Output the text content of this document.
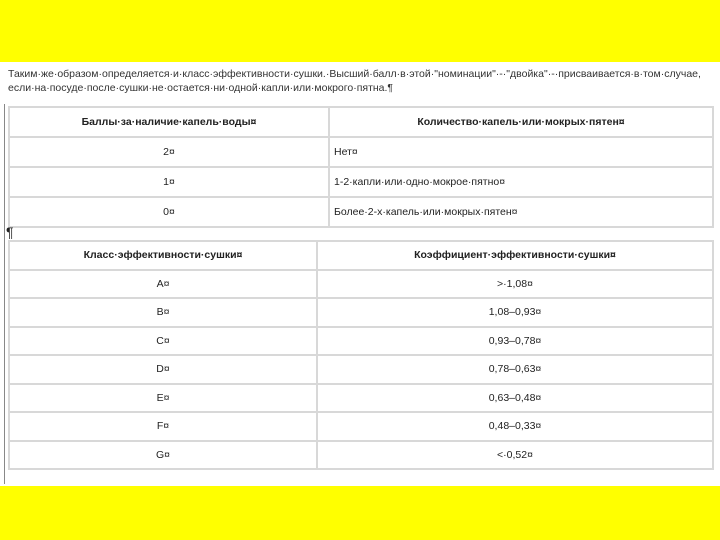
Таким·же·образом·определяется·и·класс·эффективности·сушки.·Высший·балл·в·этой·"номинации"·-·"двойка"·-·присваивается·в·том·случае,
если·на·посуде·после·сушки·не·остается·ни·одной·капли·или·мокрого·пятна.¶
Баллы·за·наличие·капель·воды¤	Количество·капель·или·мокрых·пятен¤
2¤	Нет¤
1¤	1-2·капли·или·одно·мокрое·пятно¤
0¤	Более·2-х·капель·или·мокрых·пятен¤
¶
Класс·эффективности·сушки¤	Коэффициент·эффективности·сушки¤
A¤	>·1,08¤
B¤	1,08–0,93¤
C¤	0,93–0,78¤
D¤	0,78–0,63¤
E¤	0,63–0,48¤
F¤	0,48–0,33¤
G¤	<·0,52¤
